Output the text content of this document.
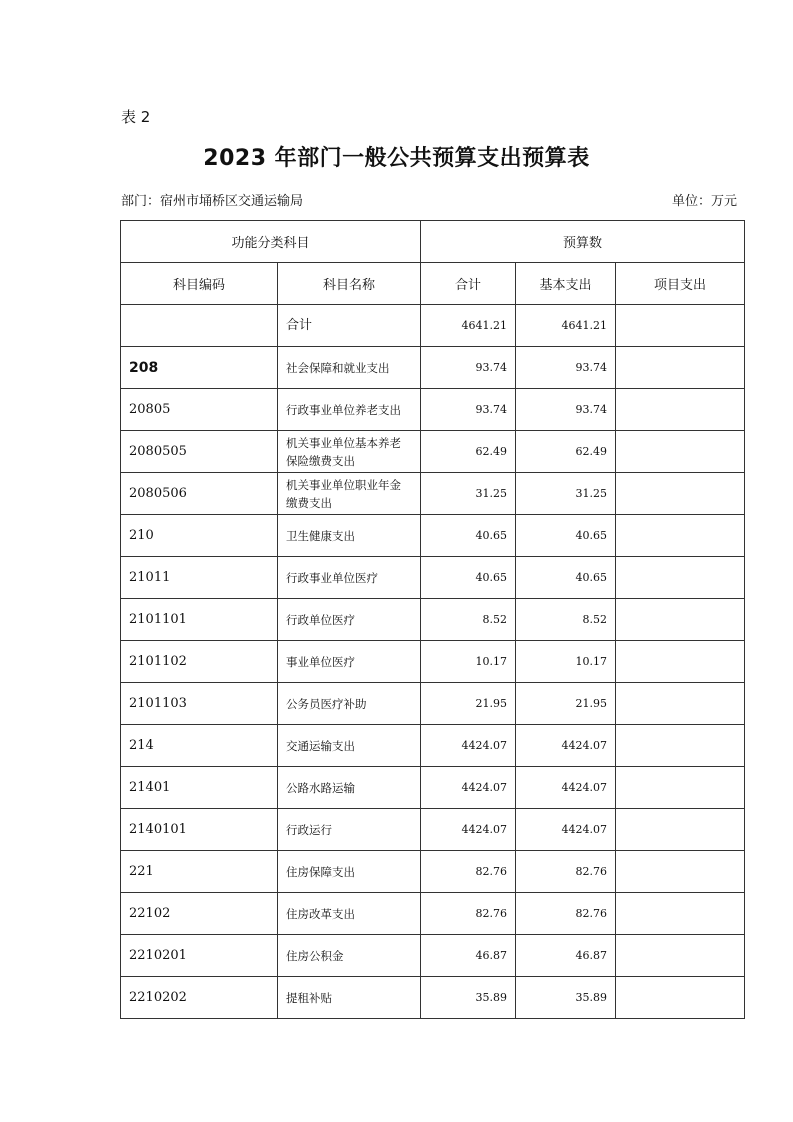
表 2
2023 年部门一般公共预算支出预算表
部门：宿州市埇桥区交通运输局	单位：万元
功能分类科目		预算数		
科目编码	科目名称	合计	基本支出	项目支出
	合计	4641.21	4641.21	
208	社会保障和就业支出	93.74	93.74	
20805	行政事业单位养老支出	93.74	93.74	
2080505	机关事业单位基本养老保险缴费支出	62.49	62.49	
2080506	机关事业单位职业年金缴费支出	31.25	31.25	
210	卫生健康支出	40.65	40.65	
21011	行政事业单位医疗	40.65	40.65	
2101101	行政单位医疗	8.52	8.52	
2101102	事业单位医疗	10.17	10.17	
2101103	公务员医疗补助	21.95	21.95	
214	交通运输支出	4424.07	4424.07	
21401	公路水路运输	4424.07	4424.07	
2140101	行政运行	4424.07	4424.07	
221	住房保障支出	82.76	82.76	
22102	住房改革支出	82.76	82.76	
2210201	住房公积金	46.87	46.87	
2210202	提租补贴	35.89	35.89	
